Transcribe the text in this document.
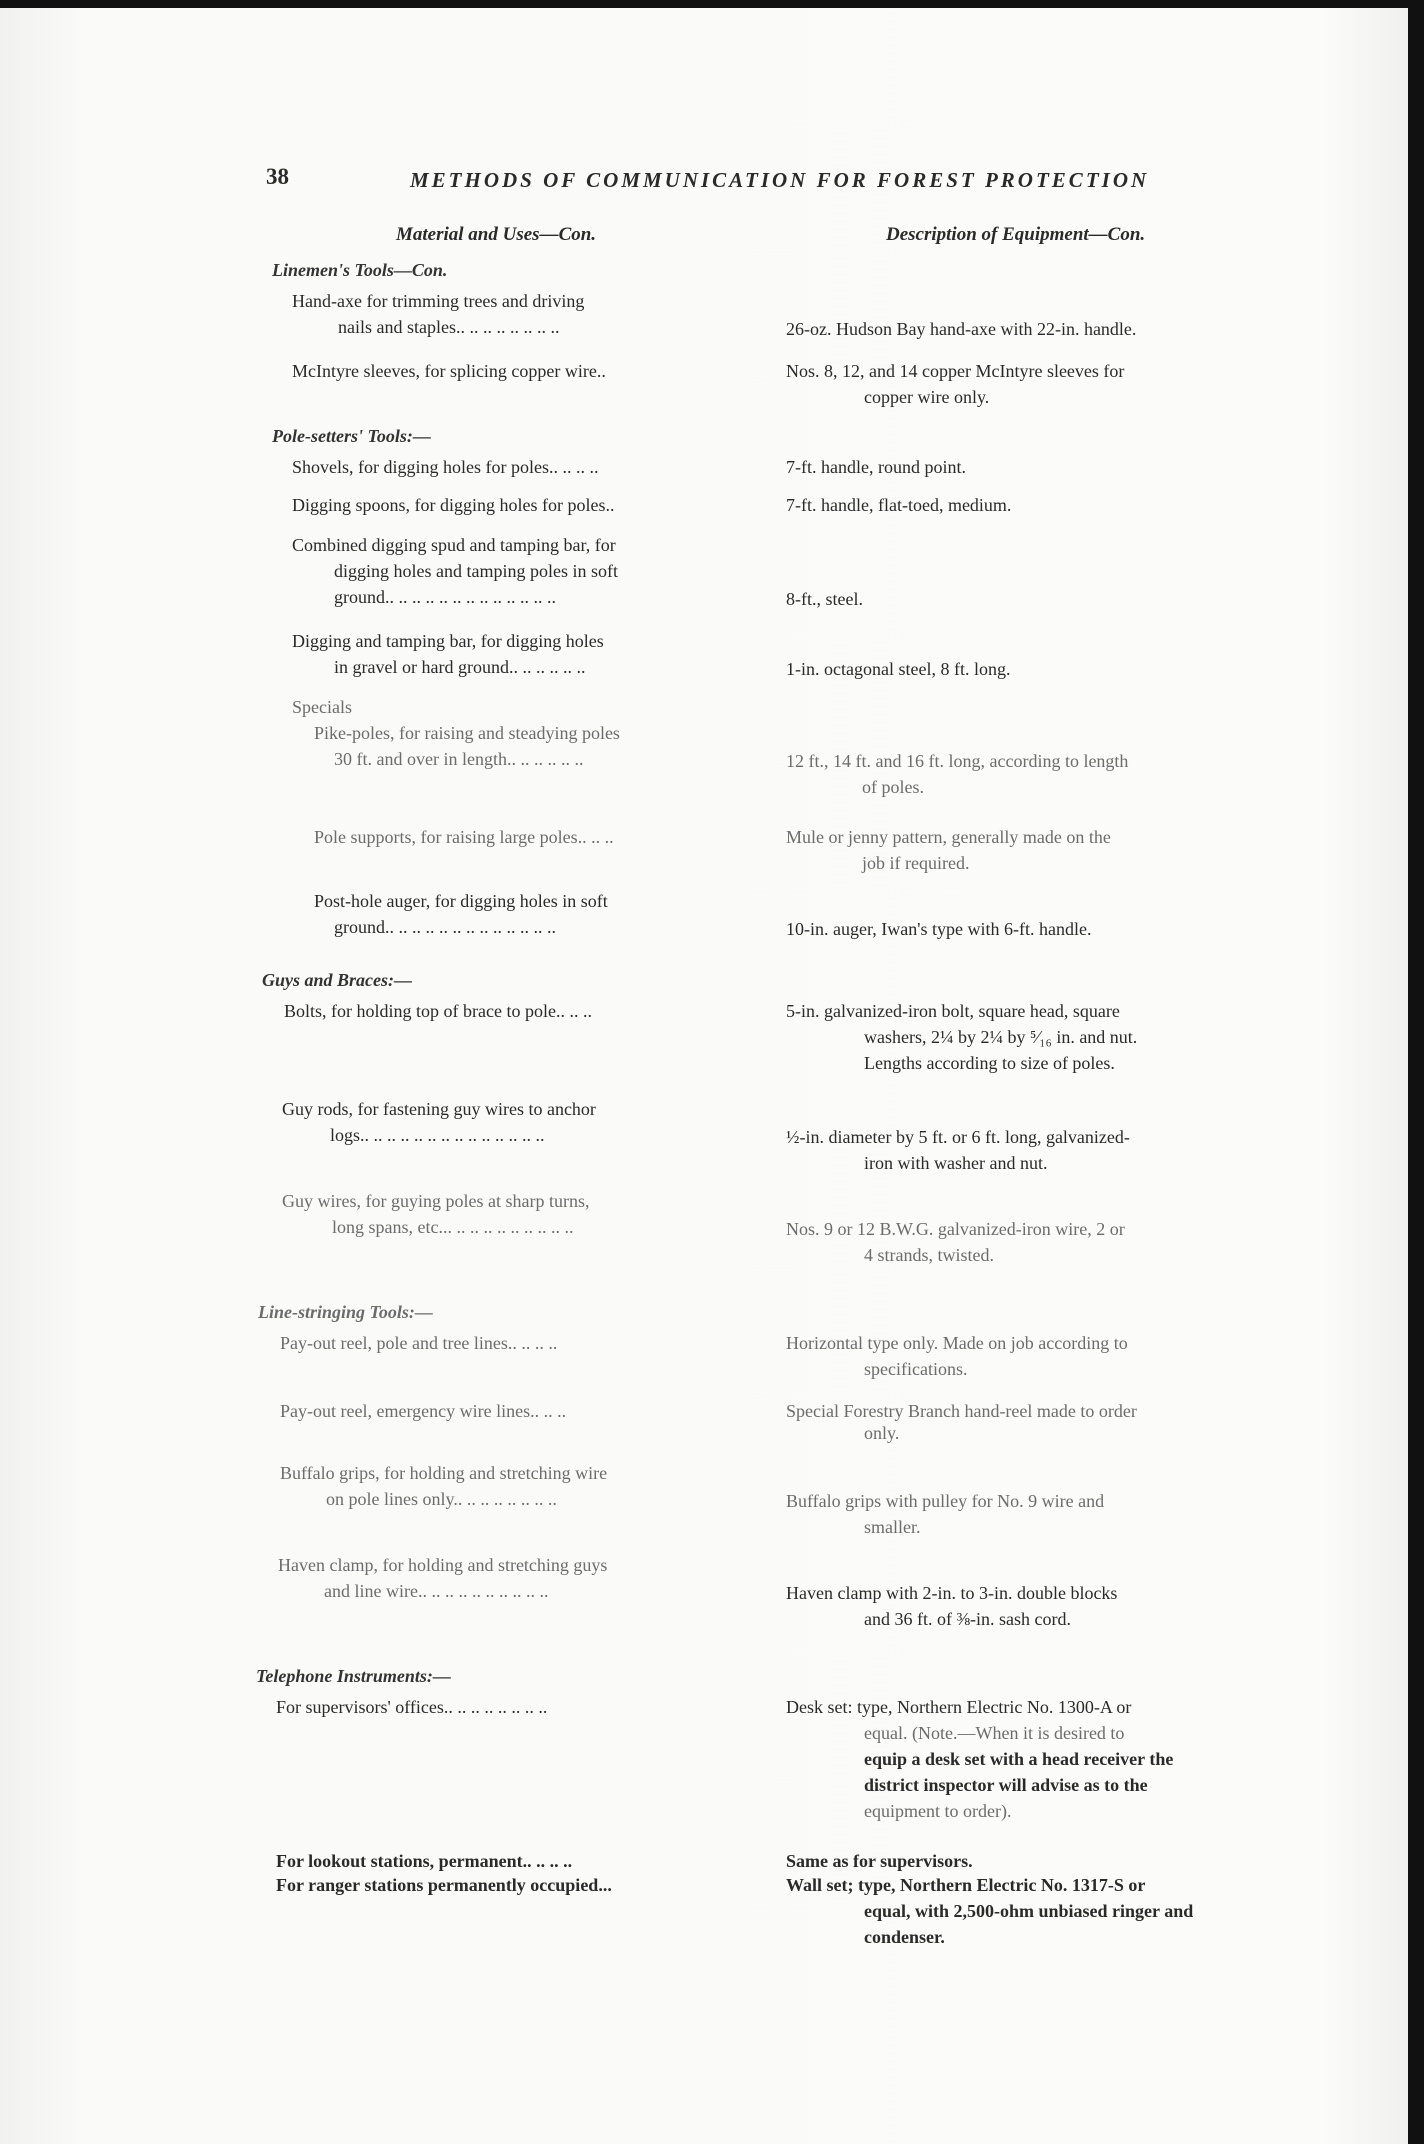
38	METHODS OF COMMUNICATION FOR FOREST PROTECTION
Material and Uses—Con.	Description of Equipment—Con.
Linemen's Tools—Con.
Hand-axe for trimming trees and driving
nails and staples.. .. .. .. .. .. .. ..	26-oz. Hudson Bay hand-axe with 22-in. handle.
McIntyre sleeves, for splicing copper wire..	Nos. 8, 12, and 14 copper McIntyre sleeves for
copper wire only.
Pole-setters' Tools:—
Shovels, for digging holes for poles.. .. .. ..	7-ft. handle, round point.
Digging spoons, for digging holes for poles..	7-ft. handle, flat-toed, medium.
Combined digging spud and tamping bar, for
digging holes and tamping poles in soft
ground.. .. .. .. .. .. .. .. .. .. .. .. ..	8-ft., steel.
Digging and tamping bar, for digging holes
in gravel or hard ground.. .. .. .. .. ..	1-in. octagonal steel, 8 ft. long.
Specials
Pike-poles, for raising and steadying poles
30 ft. and over in length.. .. .. .. .. ..	12 ft., 14 ft. and 16 ft. long, according to length
of poles.
Pole supports, for raising large poles.. .. ..	Mule or jenny pattern, generally made on the
job if required.
Post-hole auger, for digging holes in soft
ground.. .. .. .. .. .. .. .. .. .. .. .. ..	10-in. auger, Iwan's type with 6-ft. handle.
Guys and Braces:—
Bolts, for holding top of brace to pole.. .. ..	5-in. galvanized-iron bolt, square head, square
washers, 2¼ by 2¼ by ⁵⁄₁₆ in. and nut.
Lengths according to size of poles.
Guy rods, for fastening guy wires to anchor
logs.. .. .. .. .. .. .. .. .. .. .. .. .. ..	½-in. diameter by 5 ft. or 6 ft. long, galvanized-
iron with washer and nut.
Guy wires, for guying poles at sharp turns,
long spans, etc... .. .. .. .. .. .. .. .. ..	Nos. 9 or 12 B.W.G. galvanized-iron wire, 2 or
4 strands, twisted.
Line-stringing Tools:—
Pay-out reel, pole and tree lines.. .. .. ..	Horizontal type only. Made on job according to
specifications.
Pay-out reel, emergency wire lines.. .. ..	Special Forestry Branch hand-reel made to order
only.
Buffalo grips, for holding and stretching wire
on pole lines only.. .. .. .. .. .. .. ..	Buffalo grips with pulley for No. 9 wire and
smaller.
Haven clamp, for holding and stretching guys
and line wire.. .. .. .. .. .. .. .. .. ..	Haven clamp with 2-in. to 3-in. double blocks
and 36 ft. of ⅜-in. sash cord.
Telephone Instruments:—
For supervisors' offices.. .. .. .. .. .. .. ..	Desk set: type, Northern Electric No. 1300-A or
equal. (Note.—When it is desired to
equip a desk set with a head receiver the
district inspector will advise as to the
equipment to order).
For lookout stations, permanent.. .. .. ..	Same as for supervisors.
For ranger stations permanently occupied...	Wall set; type, Northern Electric No. 1317-S or
equal, with 2,500-ohm unbiased ringer and
condenser.
